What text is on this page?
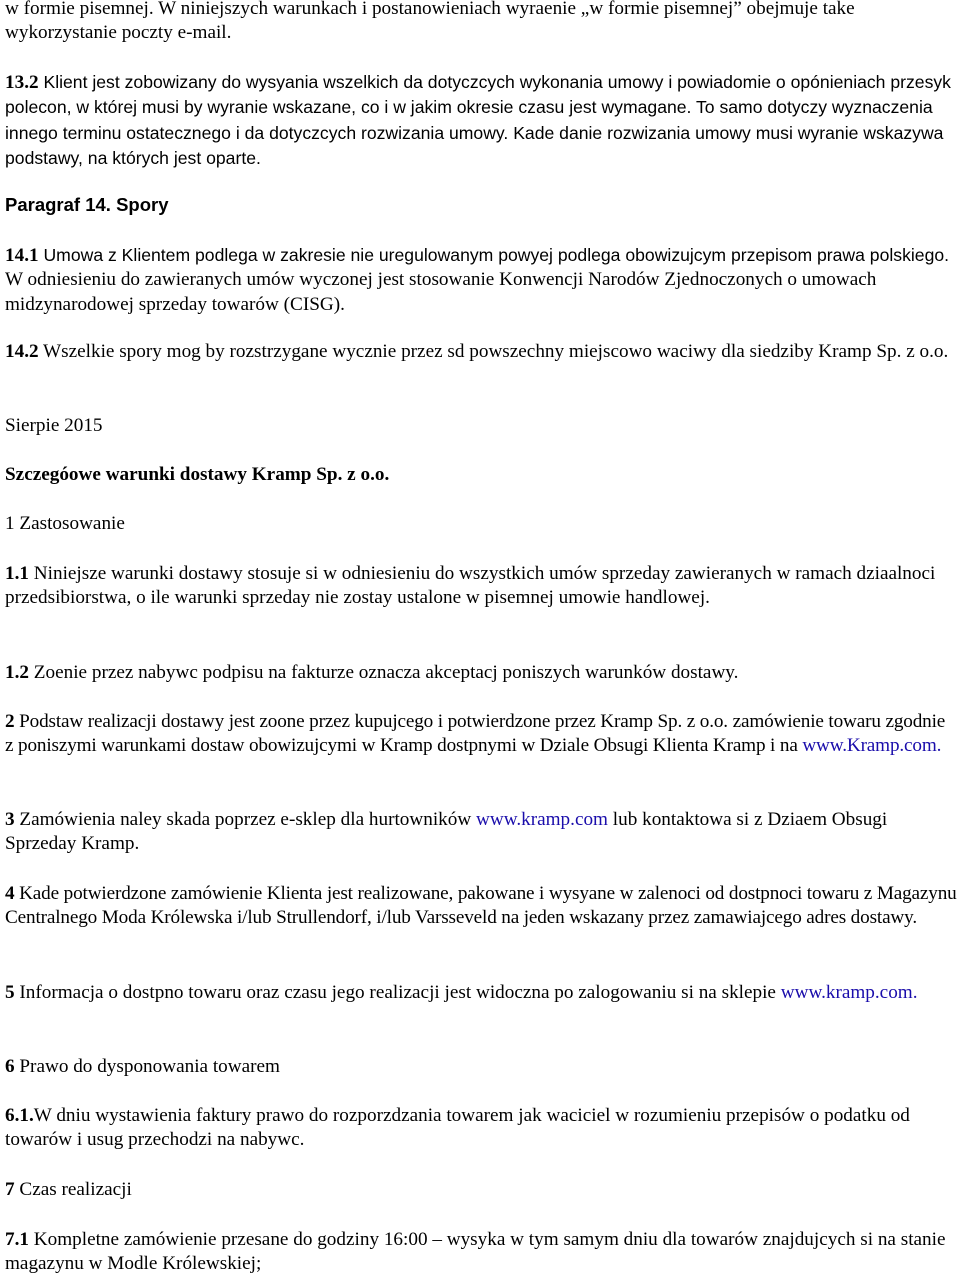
w formie pisemnej. W niniejszych warunkach i postanowieniach wyraenie „w formie pisemnej” obejmuje take wykorzystanie poczty e-mail.

13.2 Klient jest zobowizany do wysyania wszelkich da dotyczcych wykonania umowy i powiadomie o opónieniach przesyk polecon, w której musi by wyranie wskazane, co i w jakim okresie czasu jest wymagane. To samo dotyczy wyznaczenia innego terminu ostatecznego i da dotyczcych rozwizania umowy. Kade danie rozwizania umowy musi wyranie wskazywa podstawy, na których jest oparte.

Paragraf 14. Spory

14.1 Umowa z Klientem podlega w zakresie nie uregulowanym powyej podlega obowizujcym przepisom prawa polskiego. W odniesieniu do zawieranych umów wyczonej jest stosowanie Konwencji Narodów Zjednoczonych o umowach midzynarodowej sprzeday towarów (CISG).

14.2 Wszelkie spory mog by rozstrzygane wycznie przez sd powszechny miejscowo waciwy dla siedziby Kramp Sp. z o.o.

Sierpie 2015

Szczegóowe warunki dostawy Kramp Sp. z o.o.

1 Zastosowanie

1.1 Niniejsze warunki dostawy stosuje si w odniesieniu do wszystkich umów sprzeday zawieranych w ramach dziaalnoci przedsibiorstwa, o ile warunki sprzeday nie zostay ustalone w pisemnej umowie handlowej.

1.2 Zoenie przez nabywc podpisu na fakturze oznacza akceptacj poniszych warunków dostawy.

2 Podstaw realizacji dostawy jest zoone przez kupujcego i potwierdzone przez Kramp Sp. z o.o. zamówienie towaru zgodnie z poniszymi warunkami dostaw obowizujcymi w Kramp dostpnymi w Dziale Obsugi Klienta Kramp i na www.Kramp.com.

3 Zamówienia naley skada poprzez e-sklep dla hurtowników www.kramp.com lub kontaktowa si z Dziaem Obsugi Sprzeday Kramp.

4 Kade potwierdzone zamówienie Klienta jest realizowane, pakowane i wysyane w zalenoci od dostpnoci towaru z Magazynu Centralnego Moda Królewska i/lub Strullendorf, i/lub Varsseveld na jeden wskazany przez zamawiajcego adres dostawy.

5 Informacja o dostpno towaru oraz czasu jego realizacji jest widoczna po zalogowaniu si na sklepie www.kramp.com.

6 Prawo do dysponowania towarem

6.1.W dniu wystawienia faktury prawo do rozporzdzania towarem jak waciciel w rozumieniu przepisów o podatku od towarów i usug przechodzi na nabywc.

7 Czas realizacji

7.1 Kompletne zamówienie przesane do godziny 16:00 – wysyka w tym samym dniu dla towarów znajdujcych si na stanie magazynu w Modle Królewskiej;
